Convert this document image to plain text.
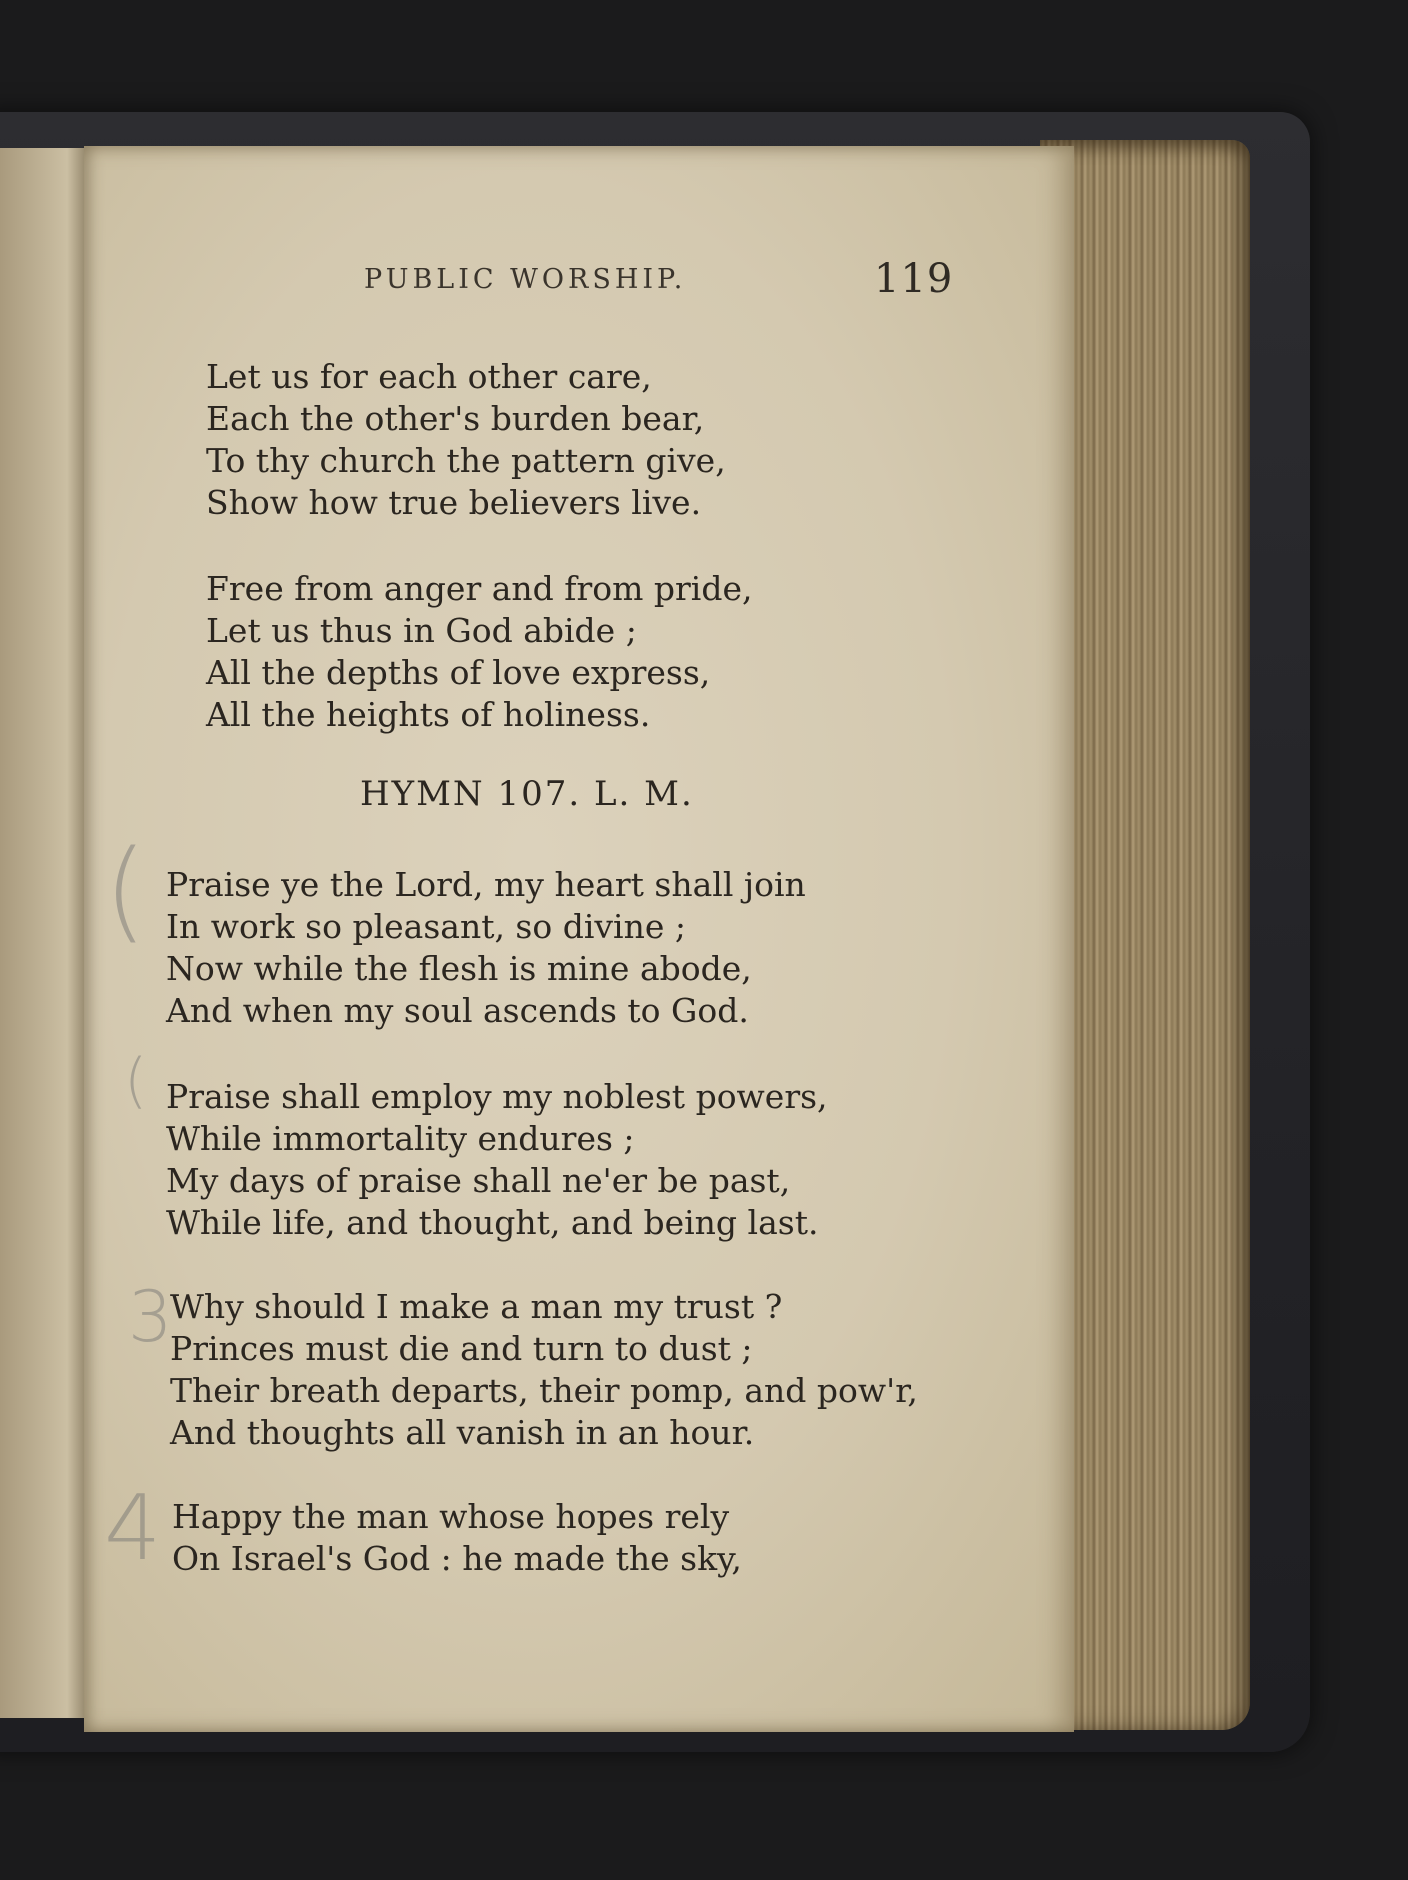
PUBLIC WORSHIP.	119
Let us for each other care,
Each the other's burden bear,
To thy church the pattern give,
Show how true believers live.
Free from anger and from pride,
Let us thus in God abide ;
All the depths of love express,
All the heights of holiness.
HYMN 107. L. M.
Praise ye the Lord, my heart shall join
In work so pleasant, so divine ;
Now while the flesh is mine abode,
And when my soul ascends to God.
Praise shall employ my noblest powers,
While immortality endures ;
My days of praise shall ne'er be past,
While life, and thought, and being last.
Why should I make a man my trust ?
Princes must die and turn to dust ;
Their breath departs, their pomp, and pow'r,
And thoughts all vanish in an hour.
Happy the man whose hopes rely
On Israel's God : he made the sky,
(
(
3
4
